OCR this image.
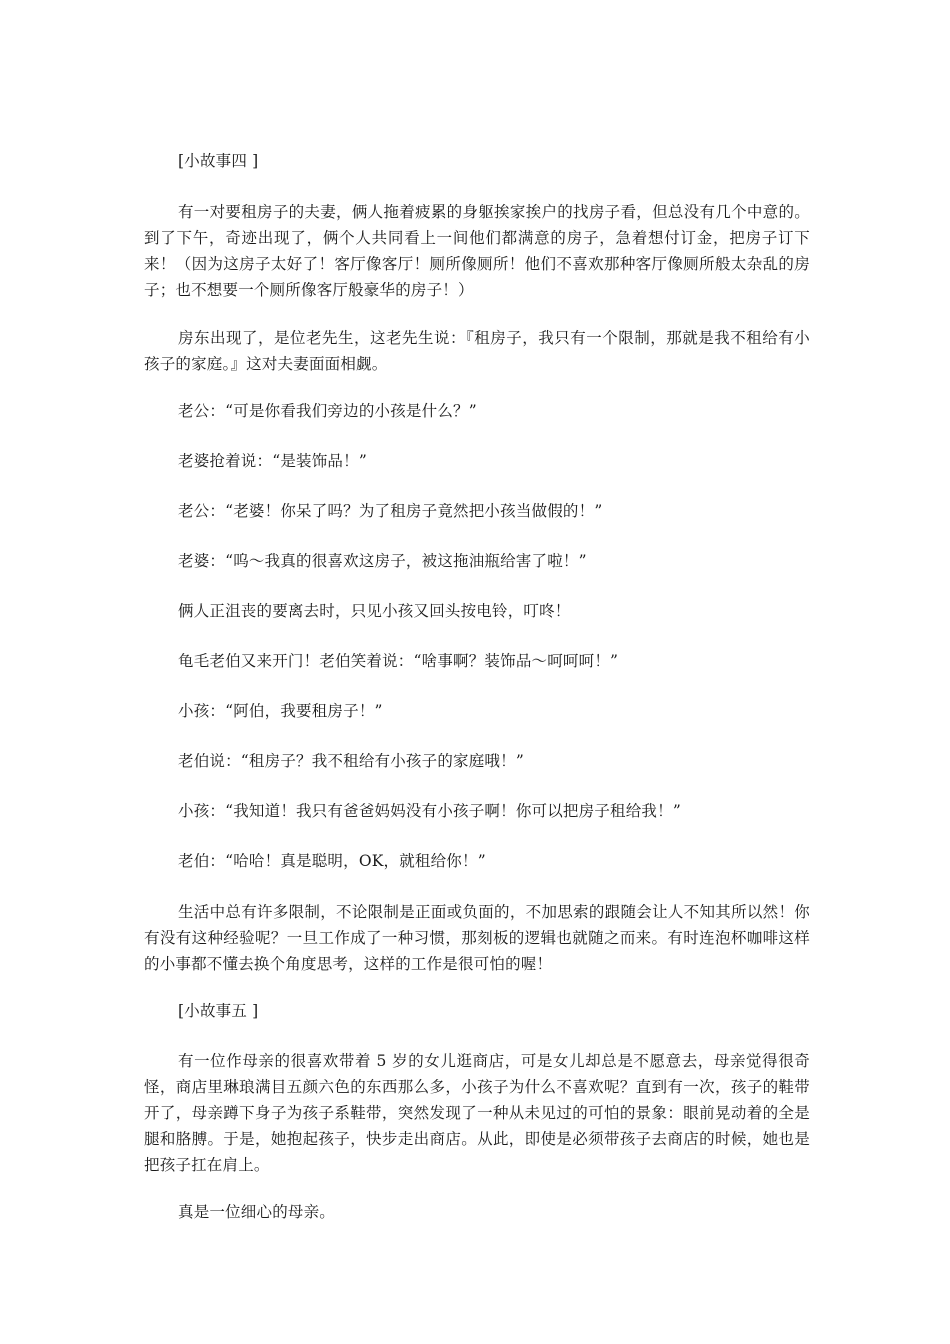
[小故事四 ]

有一对要租房子的夫妻，俩人拖着疲累的身躯挨家挨户的找房子看，但总没有几个中意的。到了下午，奇迹出现了，俩个人共同看上一间他们都满意的房子，急着想付订金，把房子订下来！（因为这房子太好了！客厅像客厅！厕所像厕所！他们不喜欢那种客厅像厕所般太杂乱的房子；也不想要一个厕所像客厅般豪华的房子！）

房东出现了，是位老先生，这老先生说：『租房子，我只有一个限制，那就是我不租给有小孩子的家庭。』这对夫妻面面相觑。

老公：“可是你看我们旁边的小孩是什么？”

老婆抢着说：“是装饰品！”

老公：“老婆！你呆了吗？为了租房子竟然把小孩当做假的！”

老婆：“呜～我真的很喜欢这房子，被这拖油瓶给害了啦！”

俩人正沮丧的要离去时，只见小孩又回头按电铃，叮咚！

龟毛老伯又来开门！老伯笑着说：“啥事啊？装饰品～呵呵呵！”

小孩：“阿伯，我要租房子！”

老伯说：“租房子？我不租给有小孩子的家庭哦！”

小孩：“我知道！我只有爸爸妈妈没有小孩子啊！你可以把房子租给我！”

老伯：“哈哈！真是聪明，OK，就租给你！”

生活中总有许多限制，不论限制是正面或负面的，不加思索的跟随会让人不知其所以然！你有没有这种经验呢？一旦工作成了一种习惯，那刻板的逻辑也就随之而来。有时连泡杯咖啡这样的小事都不懂去换个角度思考，这样的工作是很可怕的喔！

[小故事五 ]

有一位作母亲的很喜欢带着 5 岁的女儿逛商店，可是女儿却总是不愿意去，母亲觉得很奇怪，商店里琳琅满目五颜六色的东西那么多，小孩子为什么不喜欢呢？直到有一次，孩子的鞋带开了，母亲蹲下身子为孩子系鞋带，突然发现了一种从未见过的可怕的景象：眼前晃动着的全是腿和胳膊。于是，她抱起孩子，快步走出商店。从此，即使是必须带孩子去商店的时候，她也是把孩子扛在肩上。

真是一位细心的母亲。
